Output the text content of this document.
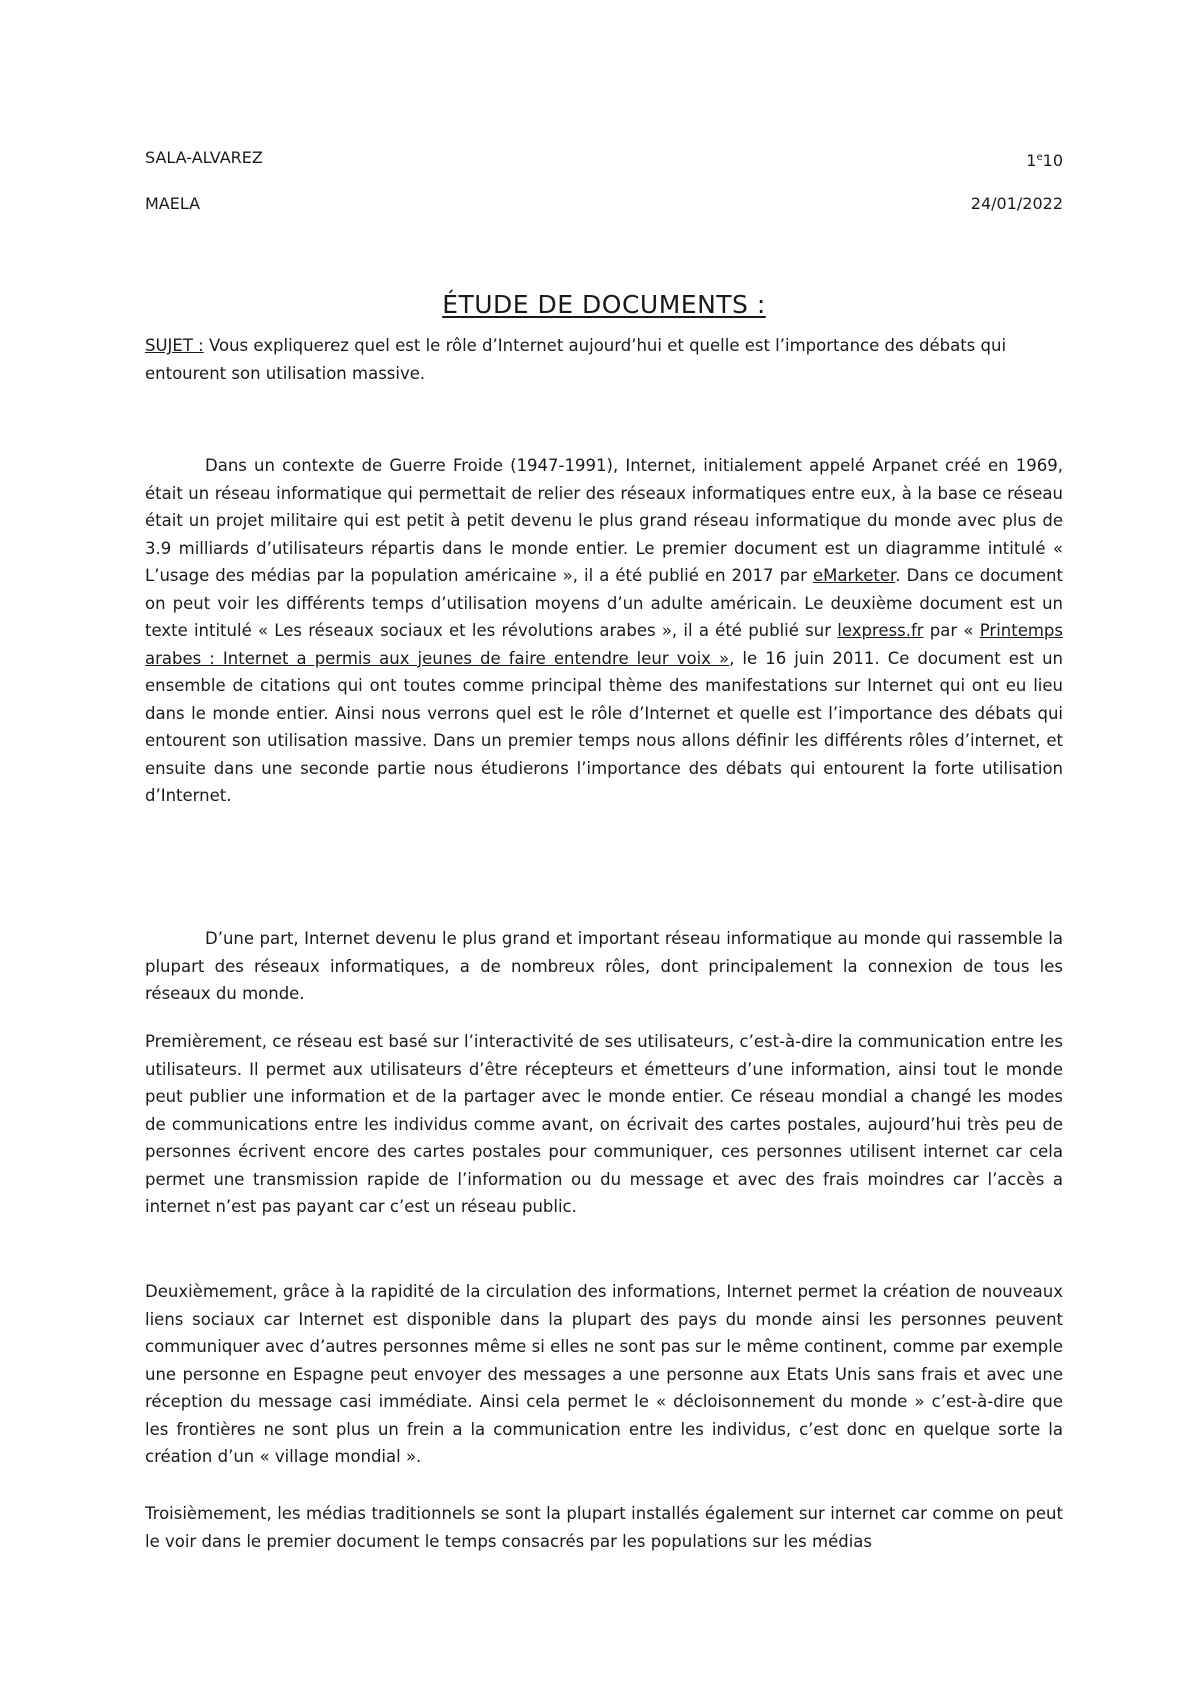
SALA-ALVAREZ	1e10
MAELA	24/01/2022
ÉTUDE DE DOCUMENTS :
SUJET : Vous expliquerez quel est le rôle d’Internet aujourd’hui et quelle est l’importance des débats qui entourent son utilisation massive.

Dans un contexte de Guerre Froide (1947-1991), Internet, initialement appelé Arpanet créé en 1969, était un réseau informatique qui permettait de relier des réseaux informatiques entre eux, à la base ce réseau était un projet militaire qui est petit à petit devenu le plus grand réseau informatique du monde avec plus de 3.9 milliards d’utilisateurs répartis dans le monde entier. Le premier document est un diagramme intitulé « L’usage des médias par la population américaine », il a été publié en 2017 par eMarketer. Dans ce document on peut voir les différents temps d’utilisation moyens d’un adulte américain. Le deuxième document est un texte intitulé « Les réseaux sociaux et les révolutions arabes », il a été publié sur lexpress.fr par « Printemps arabes : Internet a permis aux jeunes de faire entendre leur voix », le 16 juin 2011. Ce document est un ensemble de citations qui ont toutes comme principal thème des manifestations sur Internet qui ont eu lieu dans le monde entier. Ainsi nous verrons quel est le rôle d’Internet et quelle est l’importance des débats qui entourent son utilisation massive. Dans un premier temps nous allons définir les différents rôles d’internet, et ensuite dans une seconde partie nous étudierons l’importance des débats qui entourent la forte utilisation d’Internet.

D’une part, Internet devenu le plus grand et important réseau informatique au monde qui rassemble la plupart des réseaux informatiques, a de nombreux rôles, dont principalement la connexion de tous les réseaux du monde.

Premièrement, ce réseau est basé sur l’interactivité de ses utilisateurs, c’est-à-dire la communication entre les utilisateurs. Il permet aux utilisateurs d’être récepteurs et émetteurs d’une information, ainsi tout le monde peut publier une information et de la partager avec le monde entier. Ce réseau mondial a changé les modes de communications entre les individus comme avant, on écrivait des cartes postales, aujourd’hui très peu de personnes écrivent encore des cartes postales pour communiquer, ces personnes utilisent internet car cela permet une transmission rapide de l’information ou du message et avec des frais moindres car l’accès a internet n’est pas payant car c’est un réseau public.

Deuxièmement, grâce à la rapidité de la circulation des informations, Internet permet la création de nouveaux liens sociaux car Internet est disponible dans la plupart des pays du monde ainsi les personnes peuvent communiquer avec d’autres personnes même si elles ne sont pas sur le même continent, comme par exemple une personne en Espagne peut envoyer des messages a une personne aux Etats Unis sans frais et avec une réception du message casi immédiate. Ainsi cela permet le « décloisonnement du monde » c’est-à-dire que les frontières ne sont plus un frein a la communication entre les individus, c’est donc en quelque sorte la création d’un « village mondial ».

Troisièmement, les médias traditionnels se sont la plupart installés également sur internet car comme on peut le voir dans le premier document le temps consacrés par les populations sur les médias
